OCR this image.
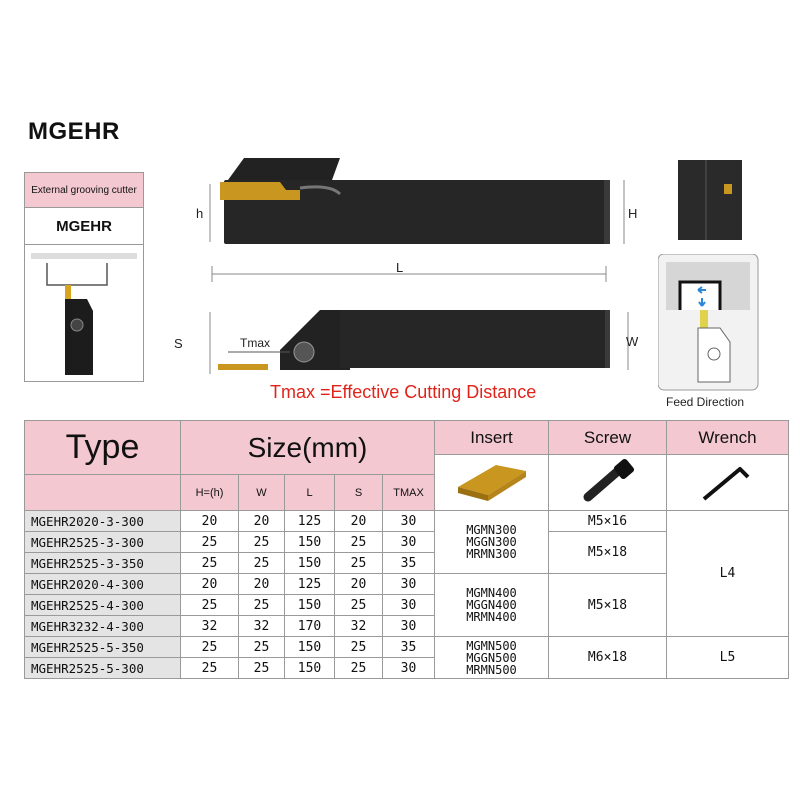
MGEHR
External grooving cutter
MGEHR
h	H
L
S	W
Tmax
Tmax =Effective Cutting Distance	Feed Direction
Type	Size(mm)					Insert	Screw	Wrench

	H=(h)	W	L	S	TMAX			
MGEHR2020-3-300	20	20	125	20	30	MGMN300
MGGN300
MRMN300	M5×16	L4
MGEHR2525-3-300	25	25	150	25	30		M5×18	
MGEHR2525-3-350	25	25	150	25	35			
MGEHR2020-4-300	20	20	125	20	30	MGMN400
MGGN400
MRMN400	M5×18	
MGEHR2525-4-300	25	25	150	25	30			
MGEHR3232-4-300	32	32	170	32	30			
MGEHR2525-5-350	25	25	150	25	35	MGMN500
MGGN500
MRMN500	M6×18	L5
MGEHR2525-5-300	25	25	150	25	30			
